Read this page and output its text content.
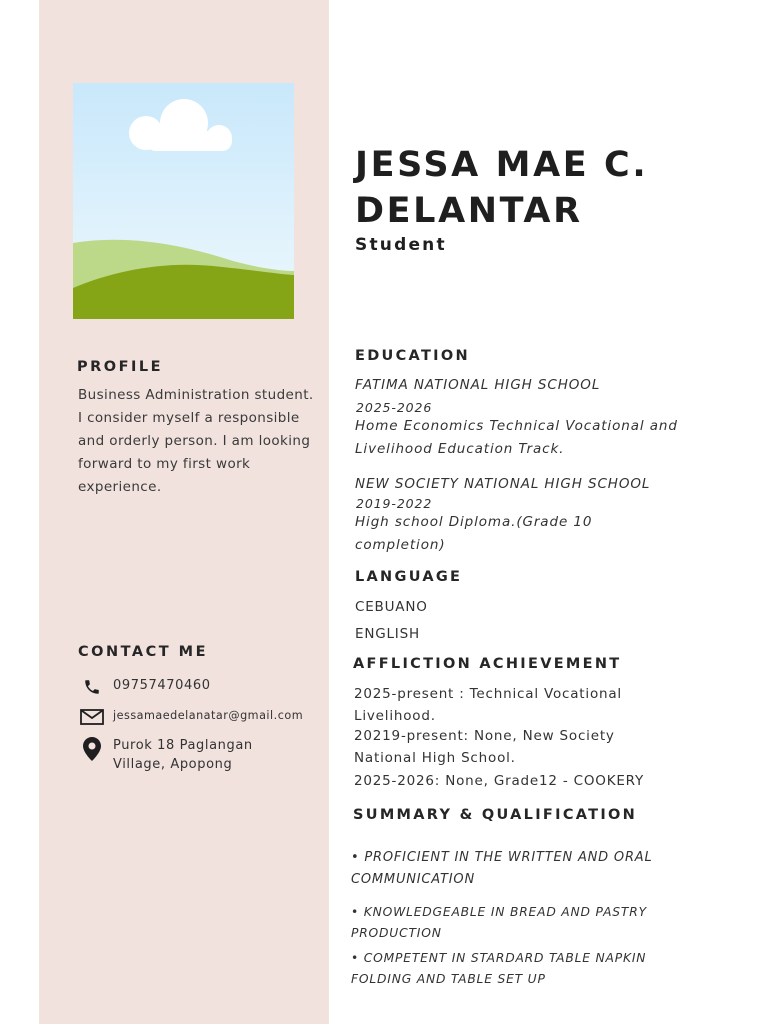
PROFILE
Business Administration student. I consider myself a responsible and orderly person. I am looking forward to my first work experience.
CONTACT ME
09757470460
jessamaedelanatar@gmail.com
Purok 18 Paglangan
Village, Apopong
JESSA MAE C.
DELANTAR
Student
EDUCATION
FATIMA NATIONAL HIGH SCHOOL
2025-2026
Home Economics Technical Vocational and
Livelihood Education Track.
NEW SOCIETY NATIONAL HIGH SCHOOL
2019-2022
High school Diploma.(Grade 10
completion)
LANGUAGE
CEBUANO
ENGLISH
AFFLICTION ACHIEVEMENT
2025-present : Technical Vocational
Livelihood.
20219-present: None, New Society
National High School.
2025-2026: None, Grade12 - COOKERY
SUMMARY & QUALIFICATION
• PROFICIENT IN THE WRITTEN AND ORAL
COMMUNICATION
• KNOWLEDGEABLE IN BREAD AND PASTRY
PRODUCTION
• COMPETENT IN STARDARD TABLE NAPKIN
FOLDING AND TABLE SET UP
